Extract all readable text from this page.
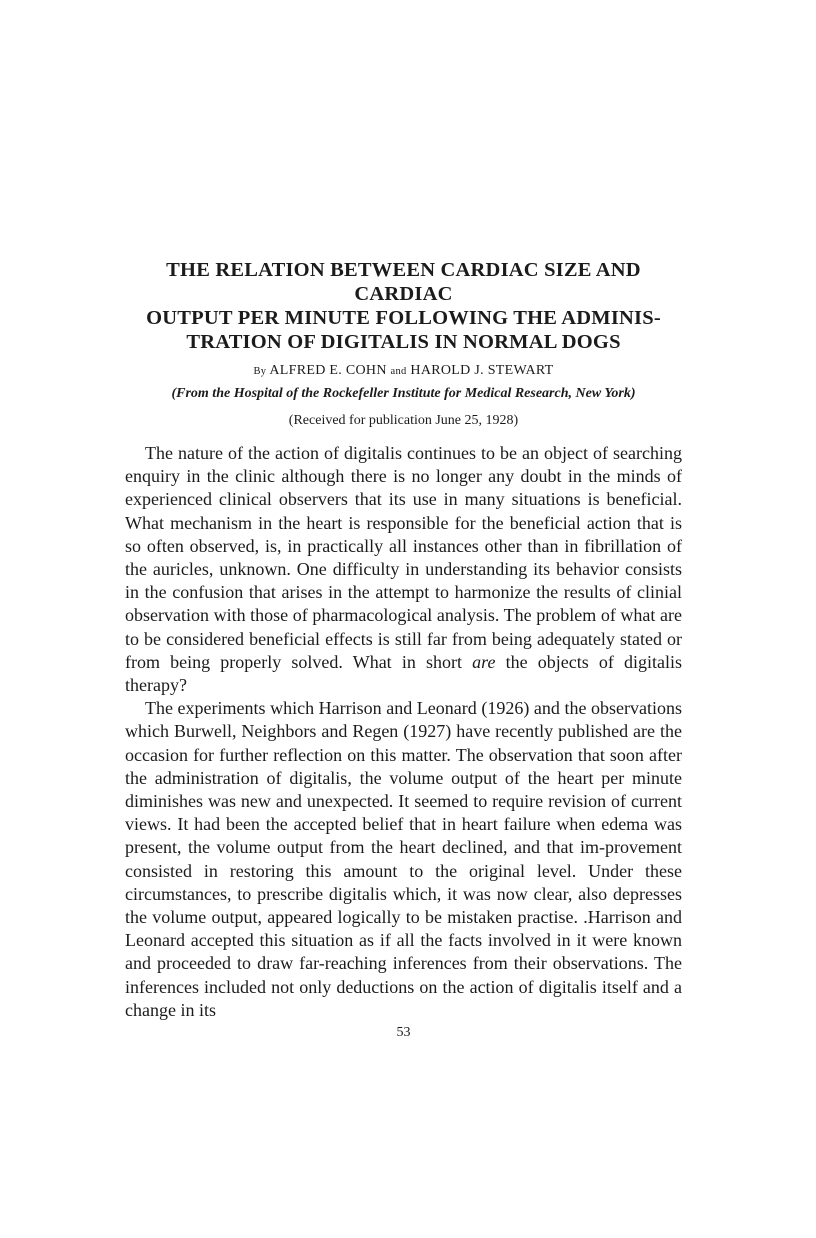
THE RELATION BETWEEN CARDIAC SIZE AND CARDIAC
OUTPUT PER MINUTE FOLLOWING THE ADMINIS-
TRATION OF DIGITALIS IN NORMAL DOGS
By ALFRED E. COHN and HAROLD J. STEWART
(From the Hospital of the Rockefeller Institute for Medical Research, New York)
(Received for publication June 25, 1928)

The nature of the action of digitalis continues to be an object of searching enquiry in the clinic although there is no longer any doubt in the minds of experienced clinical observers that its use in many situations is beneficial. What mechanism in the heart is responsible for the beneficial action that is so often observed, is, in practically all instances other than in fibrillation of the auricles, unknown. One difficulty in understanding its behavior consists in the confusion that arises in the attempt to harmonize the results of clinial observation with those of pharmacological analysis. The problem of what are to be considered beneficial effects is still far from being adequately stated or from being properly solved. What in short are the objects of digitalis therapy?

The experiments which Harrison and Leonard (1926) and the observations which Burwell, Neighbors and Regen (1927) have recently published are the occasion for further reflection on this matter. The observation that soon after the administration of digitalis, the volume output of the heart per minute diminishes was new and unexpected. It seemed to require revision of current views. It had been the accepted belief that in heart failure when edema was present, the volume output from the heart declined, and that im-provement consisted in restoring this amount to the original level. Under these circumstances, to prescribe digitalis which, it was now clear, also depresses the volume output, appeared logically to be mistaken practise. .Harrison and Leonard accepted this situation as if all the facts involved in it were known and proceeded to draw far-reaching inferences from their observations. The inferences included not only deductions on the action of digitalis itself and a change in its

53
